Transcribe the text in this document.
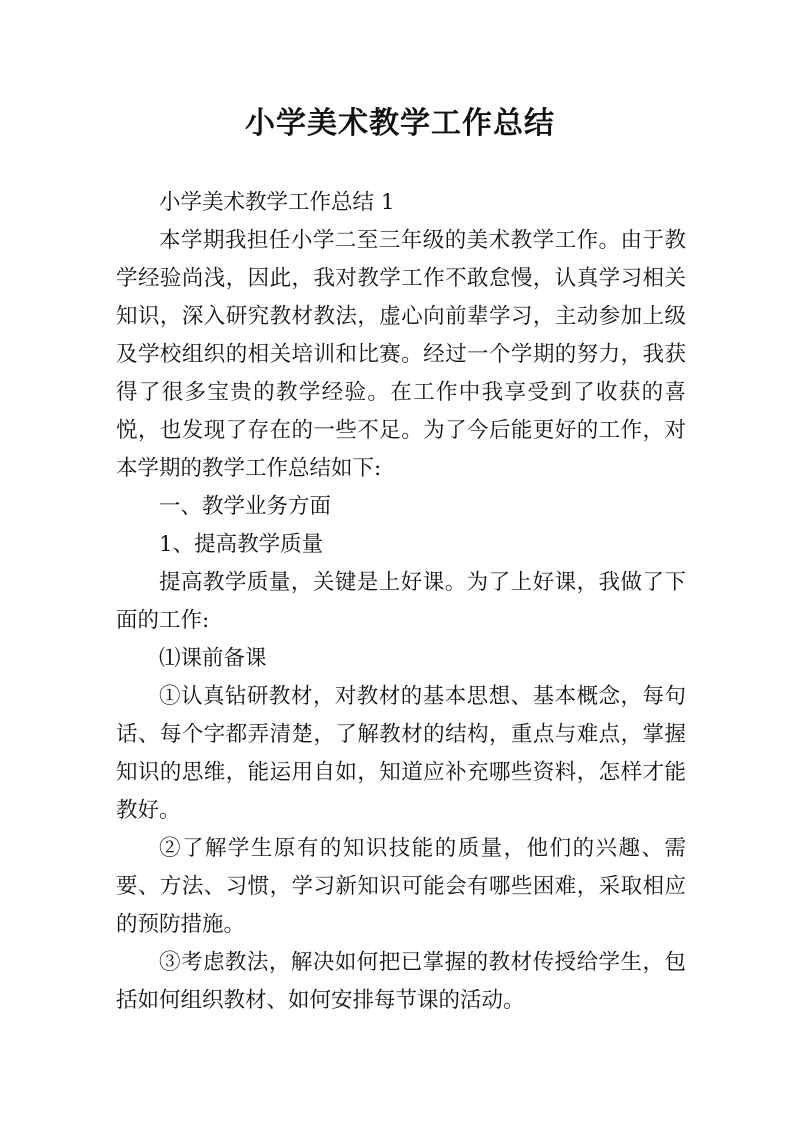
小学美术教学工作总结

小学美术教学工作总结 1

本学期我担任小学二至三年级的美术教学工作。由于教学经验尚浅，因此，我对教学工作不敢怠慢，认真学习相关知识，深入研究教材教法，虚心向前辈学习，主动参加上级及学校组织的相关培训和比赛。经过一个学期的努力，我获得了很多宝贵的教学经验。在工作中我享受到了收获的喜悦，也发现了存在的一些不足。为了今后能更好的工作，对本学期的教学工作总结如下:

一、教学业务方面

1、提高教学质量

提高教学质量，关键是上好课。为了上好课，我做了下面的工作:

⑴课前备课

①认真钻研教材，对教材的基本思想、基本概念，每句话、每个字都弄清楚，了解教材的结构，重点与难点，掌握知识的思维，能运用自如，知道应补充哪些资料，怎样才能教好。

②了解学生原有的知识技能的质量，他们的兴趣、需要、方法、习惯，学习新知识可能会有哪些困难，采取相应的预防措施。

③考虑教法，解决如何把已掌握的教材传授给学生，包括如何组织教材、如何安排每节课的活动。
